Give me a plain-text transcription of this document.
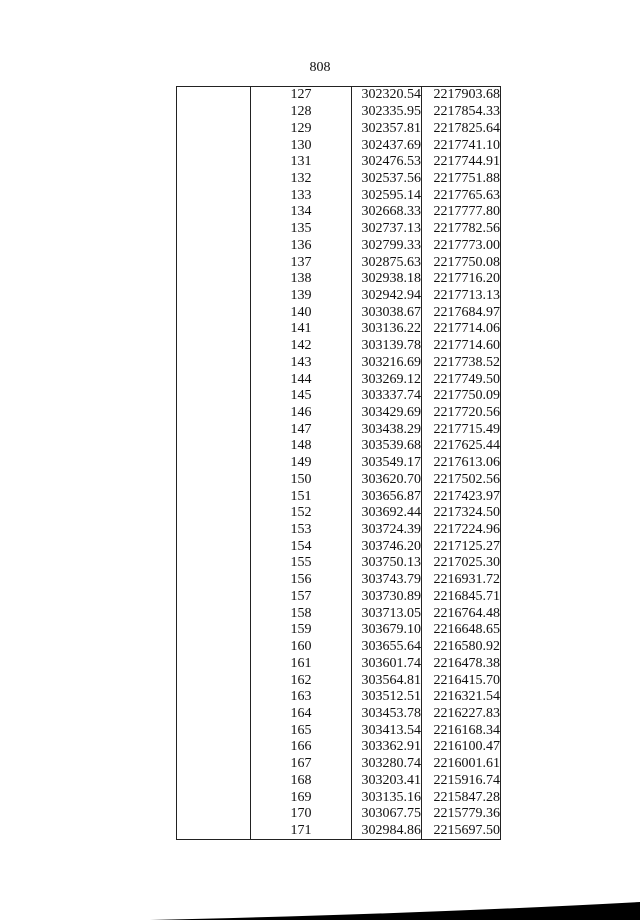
808
	127	302320.54	2217903.68
	128	302335.95	2217854.33
	129	302357.81	2217825.64
	130	302437.69	2217741.10
	131	302476.53	2217744.91
	132	302537.56	2217751.88
	133	302595.14	2217765.63
	134	302668.33	2217777.80
	135	302737.13	2217782.56
	136	302799.33	2217773.00
	137	302875.63	2217750.08
	138	302938.18	2217716.20
	139	302942.94	2217713.13
	140	303038.67	2217684.97
	141	303136.22	2217714.06
	142	303139.78	2217714.60
	143	303216.69	2217738.52
	144	303269.12	2217749.50
	145	303337.74	2217750.09
	146	303429.69	2217720.56
	147	303438.29	2217715.49
	148	303539.68	2217625.44
	149	303549.17	2217613.06
	150	303620.70	2217502.56
	151	303656.87	2217423.97
	152	303692.44	2217324.50
	153	303724.39	2217224.96
	154	303746.20	2217125.27
	155	303750.13	2217025.30
	156	303743.79	2216931.72
	157	303730.89	2216845.71
	158	303713.05	2216764.48
	159	303679.10	2216648.65
	160	303655.64	2216580.92
	161	303601.74	2216478.38
	162	303564.81	2216415.70
	163	303512.51	2216321.54
	164	303453.78	2216227.83
	165	303413.54	2216168.34
	166	303362.91	2216100.47
	167	303280.74	2216001.61
	168	303203.41	2215916.74
	169	303135.16	2215847.28
	170	303067.75	2215779.36
	171	302984.86	2215697.50
